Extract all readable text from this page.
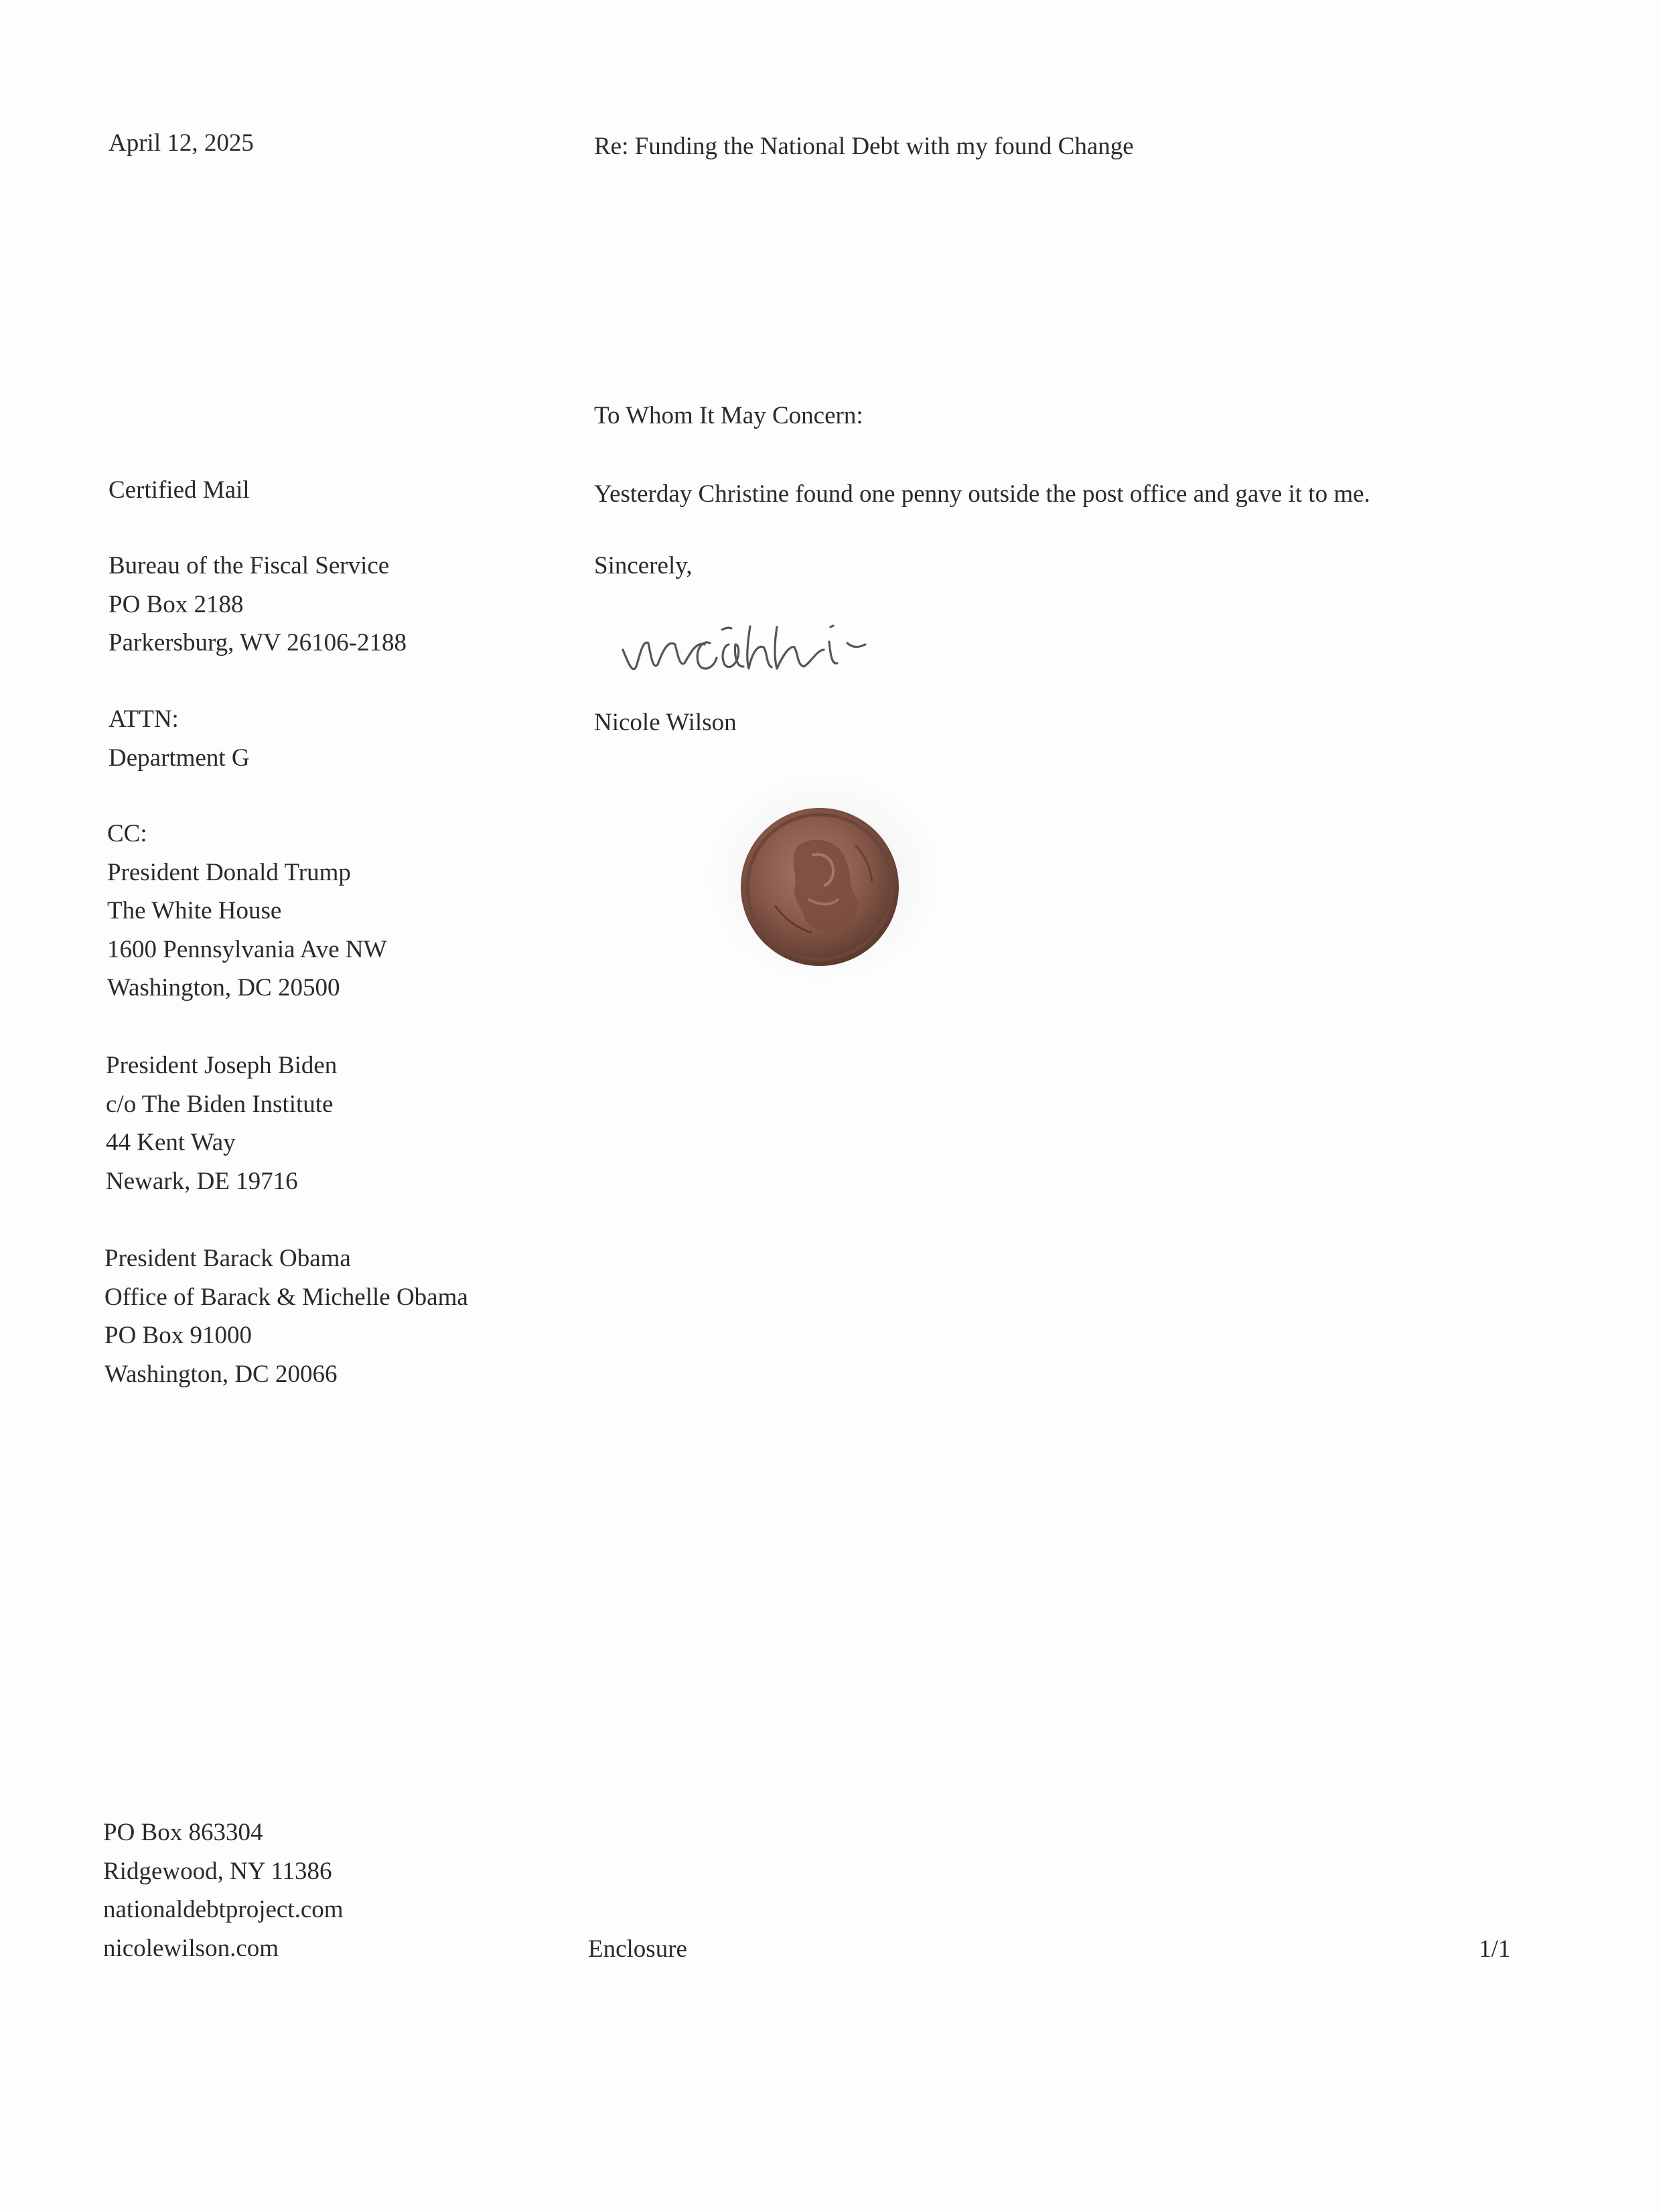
April 12, 2025	Re: Funding the National Debt with my found Change
To Whom It May Concern:
Certified Mail	Yesterday Christine found one penny outside the post office and gave it to me.
Bureau of the Fiscal Service
PO Box 2188
Parkersburg, WV 26106-2188
Sincerely,
ATTN:
Department G
Nicole Wilson
CC:
President Donald Trump
The White House
1600 Pennsylvania Ave NW
Washington, DC 20500
President Joseph Biden
c/o The Biden Institute
44 Kent Way
Newark, DE 19716
President Barack Obama
Office of Barack & Michelle Obama
PO Box 91000
Washington, DC 20066
PO Box 863304
Ridgewood, NY 11386
nationaldebtproject.com
nicolewilson.com	Enclosure	1/1
